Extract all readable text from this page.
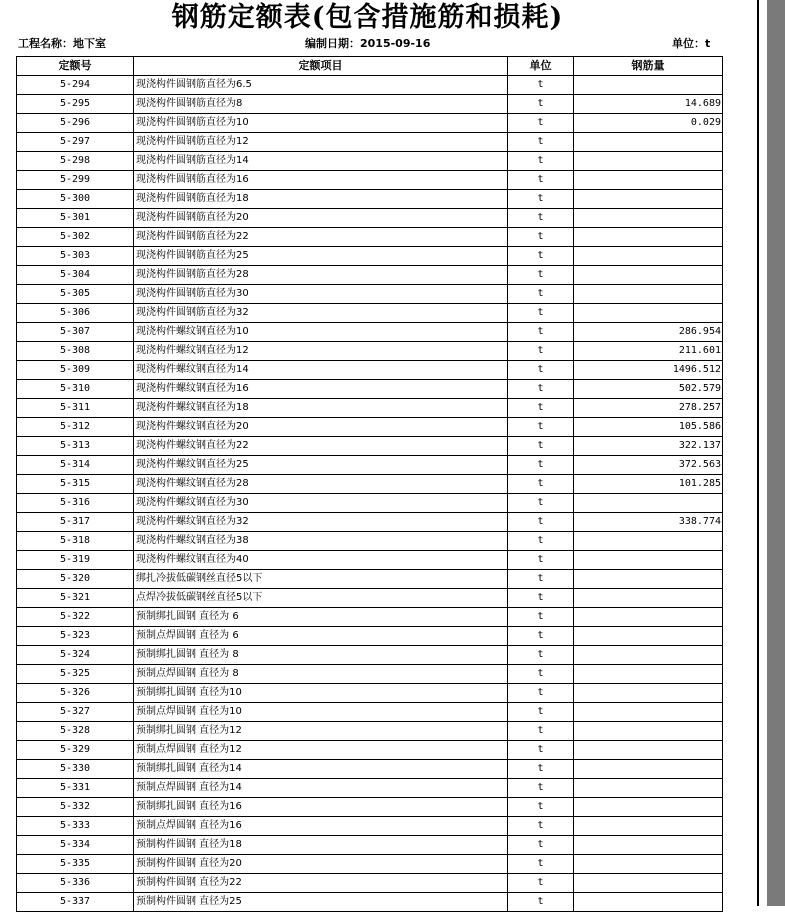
钢筋定额表(包含措施筋和损耗)
工程名称：地下室	编制日期：2015-09-16	单位：t
定额号	定额项目	单位	钢筋量
5-294	现浇构件圆钢筋直径为6.5	t	
5-295	现浇构件圆钢筋直径为8	t	14.689
5-296	现浇构件圆钢筋直径为10	t	0.029
5-297	现浇构件圆钢筋直径为12	t	
5-298	现浇构件圆钢筋直径为14	t	
5-299	现浇构件圆钢筋直径为16	t	
5-300	现浇构件圆钢筋直径为18	t	
5-301	现浇构件圆钢筋直径为20	t	
5-302	现浇构件圆钢筋直径为22	t	
5-303	现浇构件圆钢筋直径为25	t	
5-304	现浇构件圆钢筋直径为28	t	
5-305	现浇构件圆钢筋直径为30	t	
5-306	现浇构件圆钢筋直径为32	t	
5-307	现浇构件螺纹钢直径为10	t	286.954
5-308	现浇构件螺纹钢直径为12	t	211.601
5-309	现浇构件螺纹钢直径为14	t	1496.512
5-310	现浇构件螺纹钢直径为16	t	502.579
5-311	现浇构件螺纹钢直径为18	t	278.257
5-312	现浇构件螺纹钢直径为20	t	105.586
5-313	现浇构件螺纹钢直径为22	t	322.137
5-314	现浇构件螺纹钢直径为25	t	372.563
5-315	现浇构件螺纹钢直径为28	t	101.285
5-316	现浇构件螺纹钢直径为30	t	
5-317	现浇构件螺纹钢直径为32	t	338.774
5-318	现浇构件螺纹钢直径为38	t	
5-319	现浇构件螺纹钢直径为40	t	
5-320	绑扎冷拔低碳钢丝直径5以下	t	
5-321	点焊冷拔低碳钢丝直径5以下	t	
5-322	预制绑扎圆钢 直径为 6	t	
5-323	预制点焊圆钢 直径为 6	t	
5-324	预制绑扎圆钢 直径为 8	t	
5-325	预制点焊圆钢 直径为 8	t	
5-326	预制绑扎圆钢 直径为10	t	
5-327	预制点焊圆钢 直径为10	t	
5-328	预制绑扎圆钢 直径为12	t	
5-329	预制点焊圆钢 直径为12	t	
5-330	预制绑扎圆钢 直径为14	t	
5-331	预制点焊圆钢 直径为14	t	
5-332	预制绑扎圆钢 直径为16	t	
5-333	预制点焊圆钢 直径为16	t	
5-334	预制构件圆钢 直径为18	t	
5-335	预制构件圆钢 直径为20	t	
5-336	预制构件圆钢 直径为22	t	
5-337	预制构件圆钢 直径为25	t	
